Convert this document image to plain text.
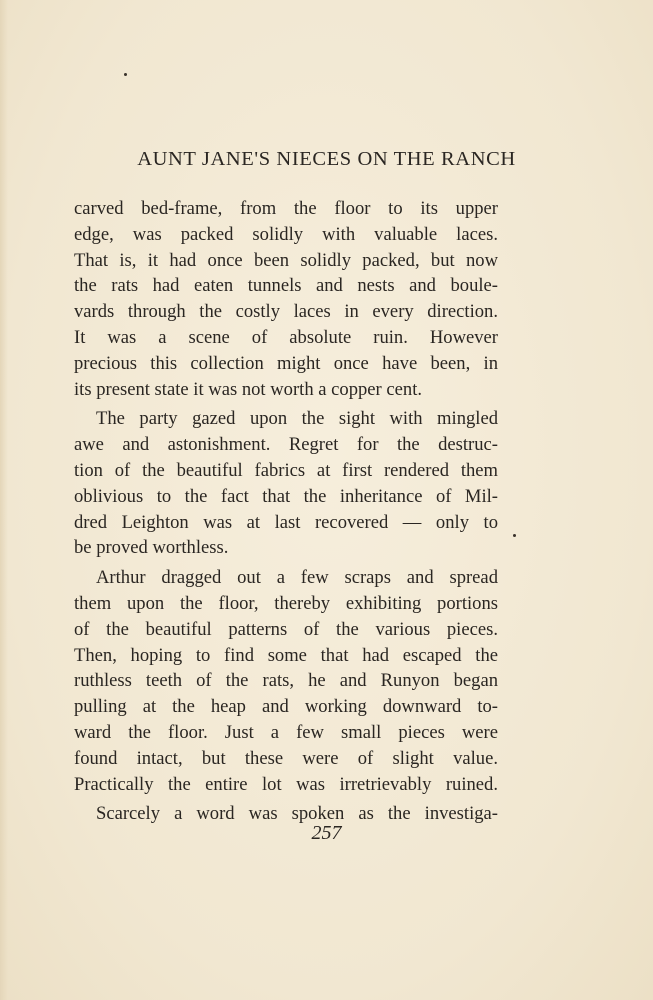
AUNT JANE'S NIECES ON THE RANCH
carved bed-frame, from the floor to its upper
edge, was packed solidly with valuable laces.
That is, it had once been solidly packed, but now
the rats had eaten tunnels and nests and boule-
vards through the costly laces in every direction.
It was a scene of absolute ruin. However
precious this collection might once have been, in
its present state it was not worth a copper cent.
The party gazed upon the sight with mingled
awe and astonishment. Regret for the destruc-
tion of the beautiful fabrics at first rendered them
oblivious to the fact that the inheritance of Mil-
dred Leighton was at last recovered — only to
be proved worthless.
Arthur dragged out a few scraps and spread
them upon the floor, thereby exhibiting portions
of the beautiful patterns of the various pieces.
Then, hoping to find some that had escaped the
ruthless teeth of the rats, he and Runyon began
pulling at the heap and working downward to-
ward the floor. Just a few small pieces were
found intact, but these were of slight value.
Practically the entire lot was irretrievably ruined.
Scarcely a word was spoken as the investiga-
257
